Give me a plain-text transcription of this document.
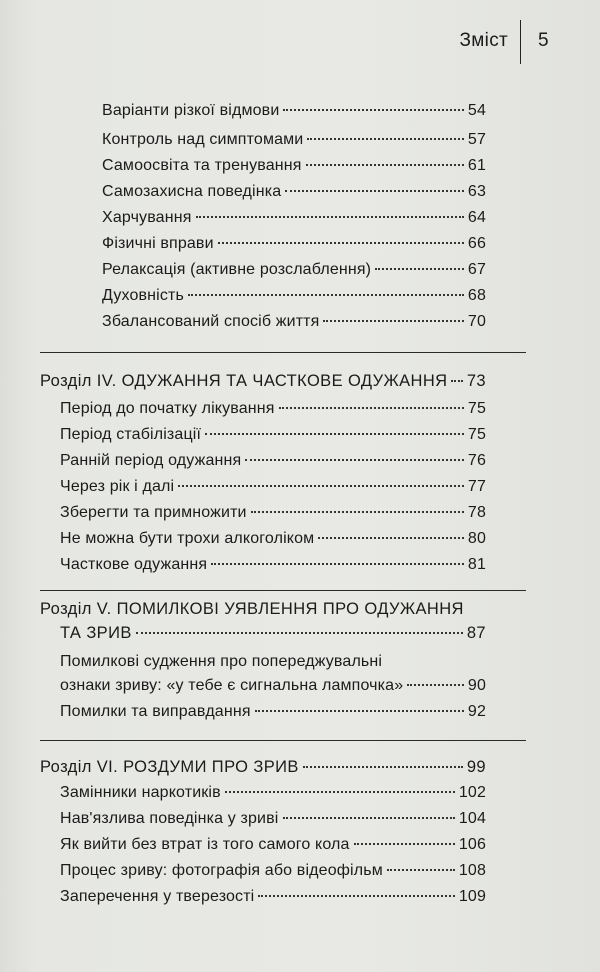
Зміст 5
Варіанти різкої відмови	54
Контроль над симптомами	57
Самоосвіта та тренування	61
Самозахисна поведінка	63
Харчування	64
Фізичні вправи	66
Релаксація (активне розслаблення)	67
Духовність	68
Збалансований спосіб життя	70
Розділ IV. ОДУЖАННЯ ТА ЧАСТКОВЕ ОДУЖАННЯ 73
Період до початку лікування	75
Період стабілізації	75
Ранній період одужання	76
Через рік і далі	77
Зберегти та примножити	78
Не можна бути трохи алкоголіком	80
Часткове одужання	81
Розділ V. ПОМИЛКОВІ УЯВЛЕННЯ ПРО ОДУЖАННЯ
ТА ЗРИВ	87
Помилкові судження про попереджувальні
ознаки зриву: «у тебе є сигнальна лампочка»	90
Помилки та виправдання	92
Розділ VI. РОЗДУМИ ПРО ЗРИВ	99
Замінники наркотиків	102
Нав'язлива поведінка у зриві	104
Як вийти без втрат із того самого кола	106
Процес зриву: фотографія або відеофільм	108
Заперечення у тверезості	109
